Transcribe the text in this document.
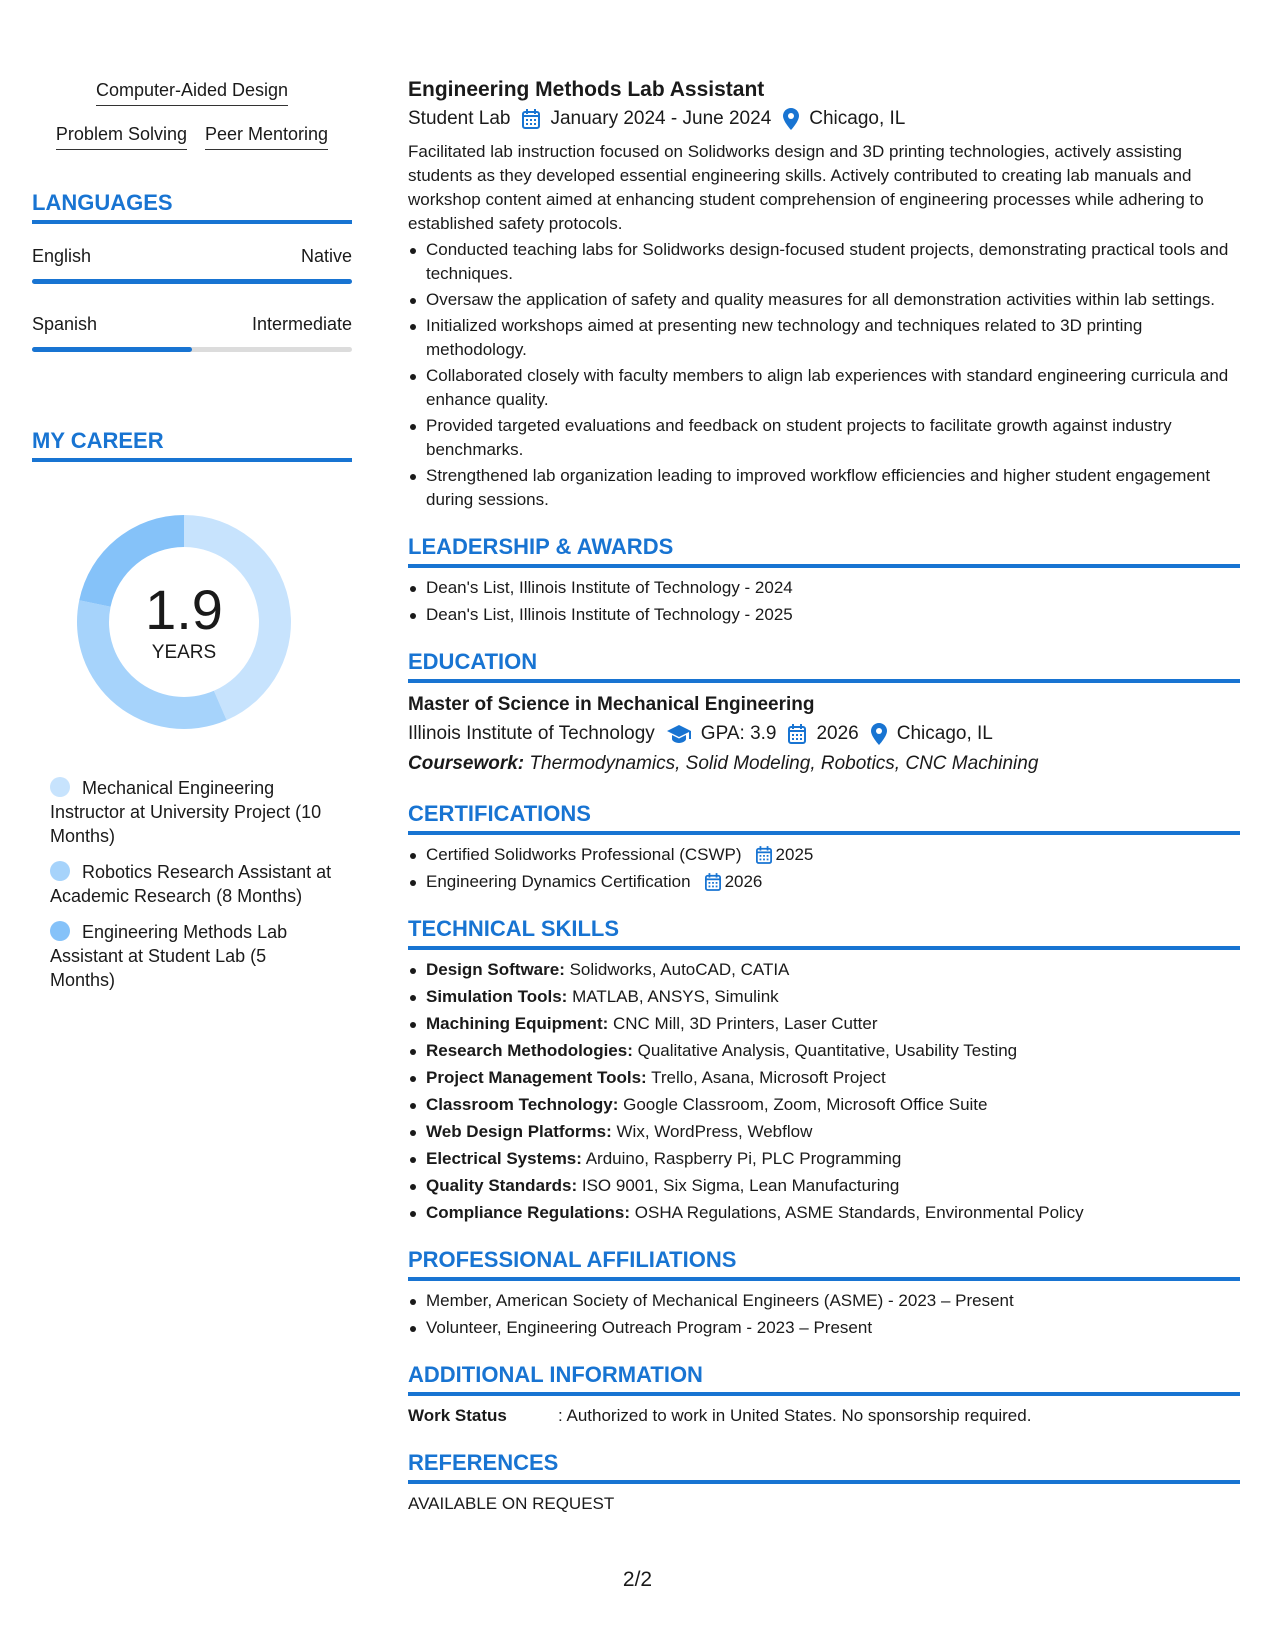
Computer-Aided Design
Problem Solving Peer Mentoring
LANGUAGES
English	Native
Spanish	Intermediate
MY CAREER
1.9
YEARS
Mechanical Engineering Instructor at University Project (10 Months)
Robotics Research Assistant at Academic Research (8 Months)
Engineering Methods Lab Assistant at Student Lab (5 Months)
Engineering Methods Lab Assistant
Student Lab January 2024 - June 2024 Chicago, IL
Facilitated lab instruction focused on Solidworks design and 3D printing technologies, actively assisting students as they developed essential engineering skills. Actively contributed to creating lab manuals and workshop content aimed at enhancing student comprehension of engineering processes while adhering to established safety protocols.
Conducted teaching labs for Solidworks design-focused student projects, demonstrating practical tools and techniques.
Oversaw the application of safety and quality measures for all demonstration activities within lab settings.
Initialized workshops aimed at presenting new technology and techniques related to 3D printing methodology.
Collaborated closely with faculty members to align lab experiences with standard engineering curricula and enhance quality.
Provided targeted evaluations and feedback on student projects to facilitate growth against industry benchmarks.
Strengthened lab organization leading to improved workflow efficiencies and higher student engagement during sessions.
LEADERSHIP & AWARDS
Dean's List, Illinois Institute of Technology - 2024
Dean's List, Illinois Institute of Technology - 2025
EDUCATION
Master of Science in Mechanical Engineering
Illinois Institute of Technology GPA: 3.9 2026 Chicago, IL
Coursework: Thermodynamics, Solid Modeling, Robotics, CNC Machining
CERTIFICATIONS
Certified Solidworks Professional (CSWP) 2025
Engineering Dynamics Certification 2026
TECHNICAL SKILLS
Design Software: Solidworks, AutoCAD, CATIA
Simulation Tools: MATLAB, ANSYS, Simulink
Machining Equipment: CNC Mill, 3D Printers, Laser Cutter
Research Methodologies: Qualitative Analysis, Quantitative, Usability Testing
Project Management Tools: Trello, Asana, Microsoft Project
Classroom Technology: Google Classroom, Zoom, Microsoft Office Suite
Web Design Platforms: Wix, WordPress, Webflow
Electrical Systems: Arduino, Raspberry Pi, PLC Programming
Quality Standards: ISO 9001, Six Sigma, Lean Manufacturing
Compliance Regulations: OSHA Regulations, ASME Standards, Environmental Policy
PROFESSIONAL AFFILIATIONS
Member, American Society of Mechanical Engineers (ASME) - 2023 – Present
Volunteer, Engineering Outreach Program - 2023 – Present
ADDITIONAL INFORMATION
Work Status	: Authorized to work in United States. No sponsorship required.
REFERENCES
AVAILABLE ON REQUEST
2/2
